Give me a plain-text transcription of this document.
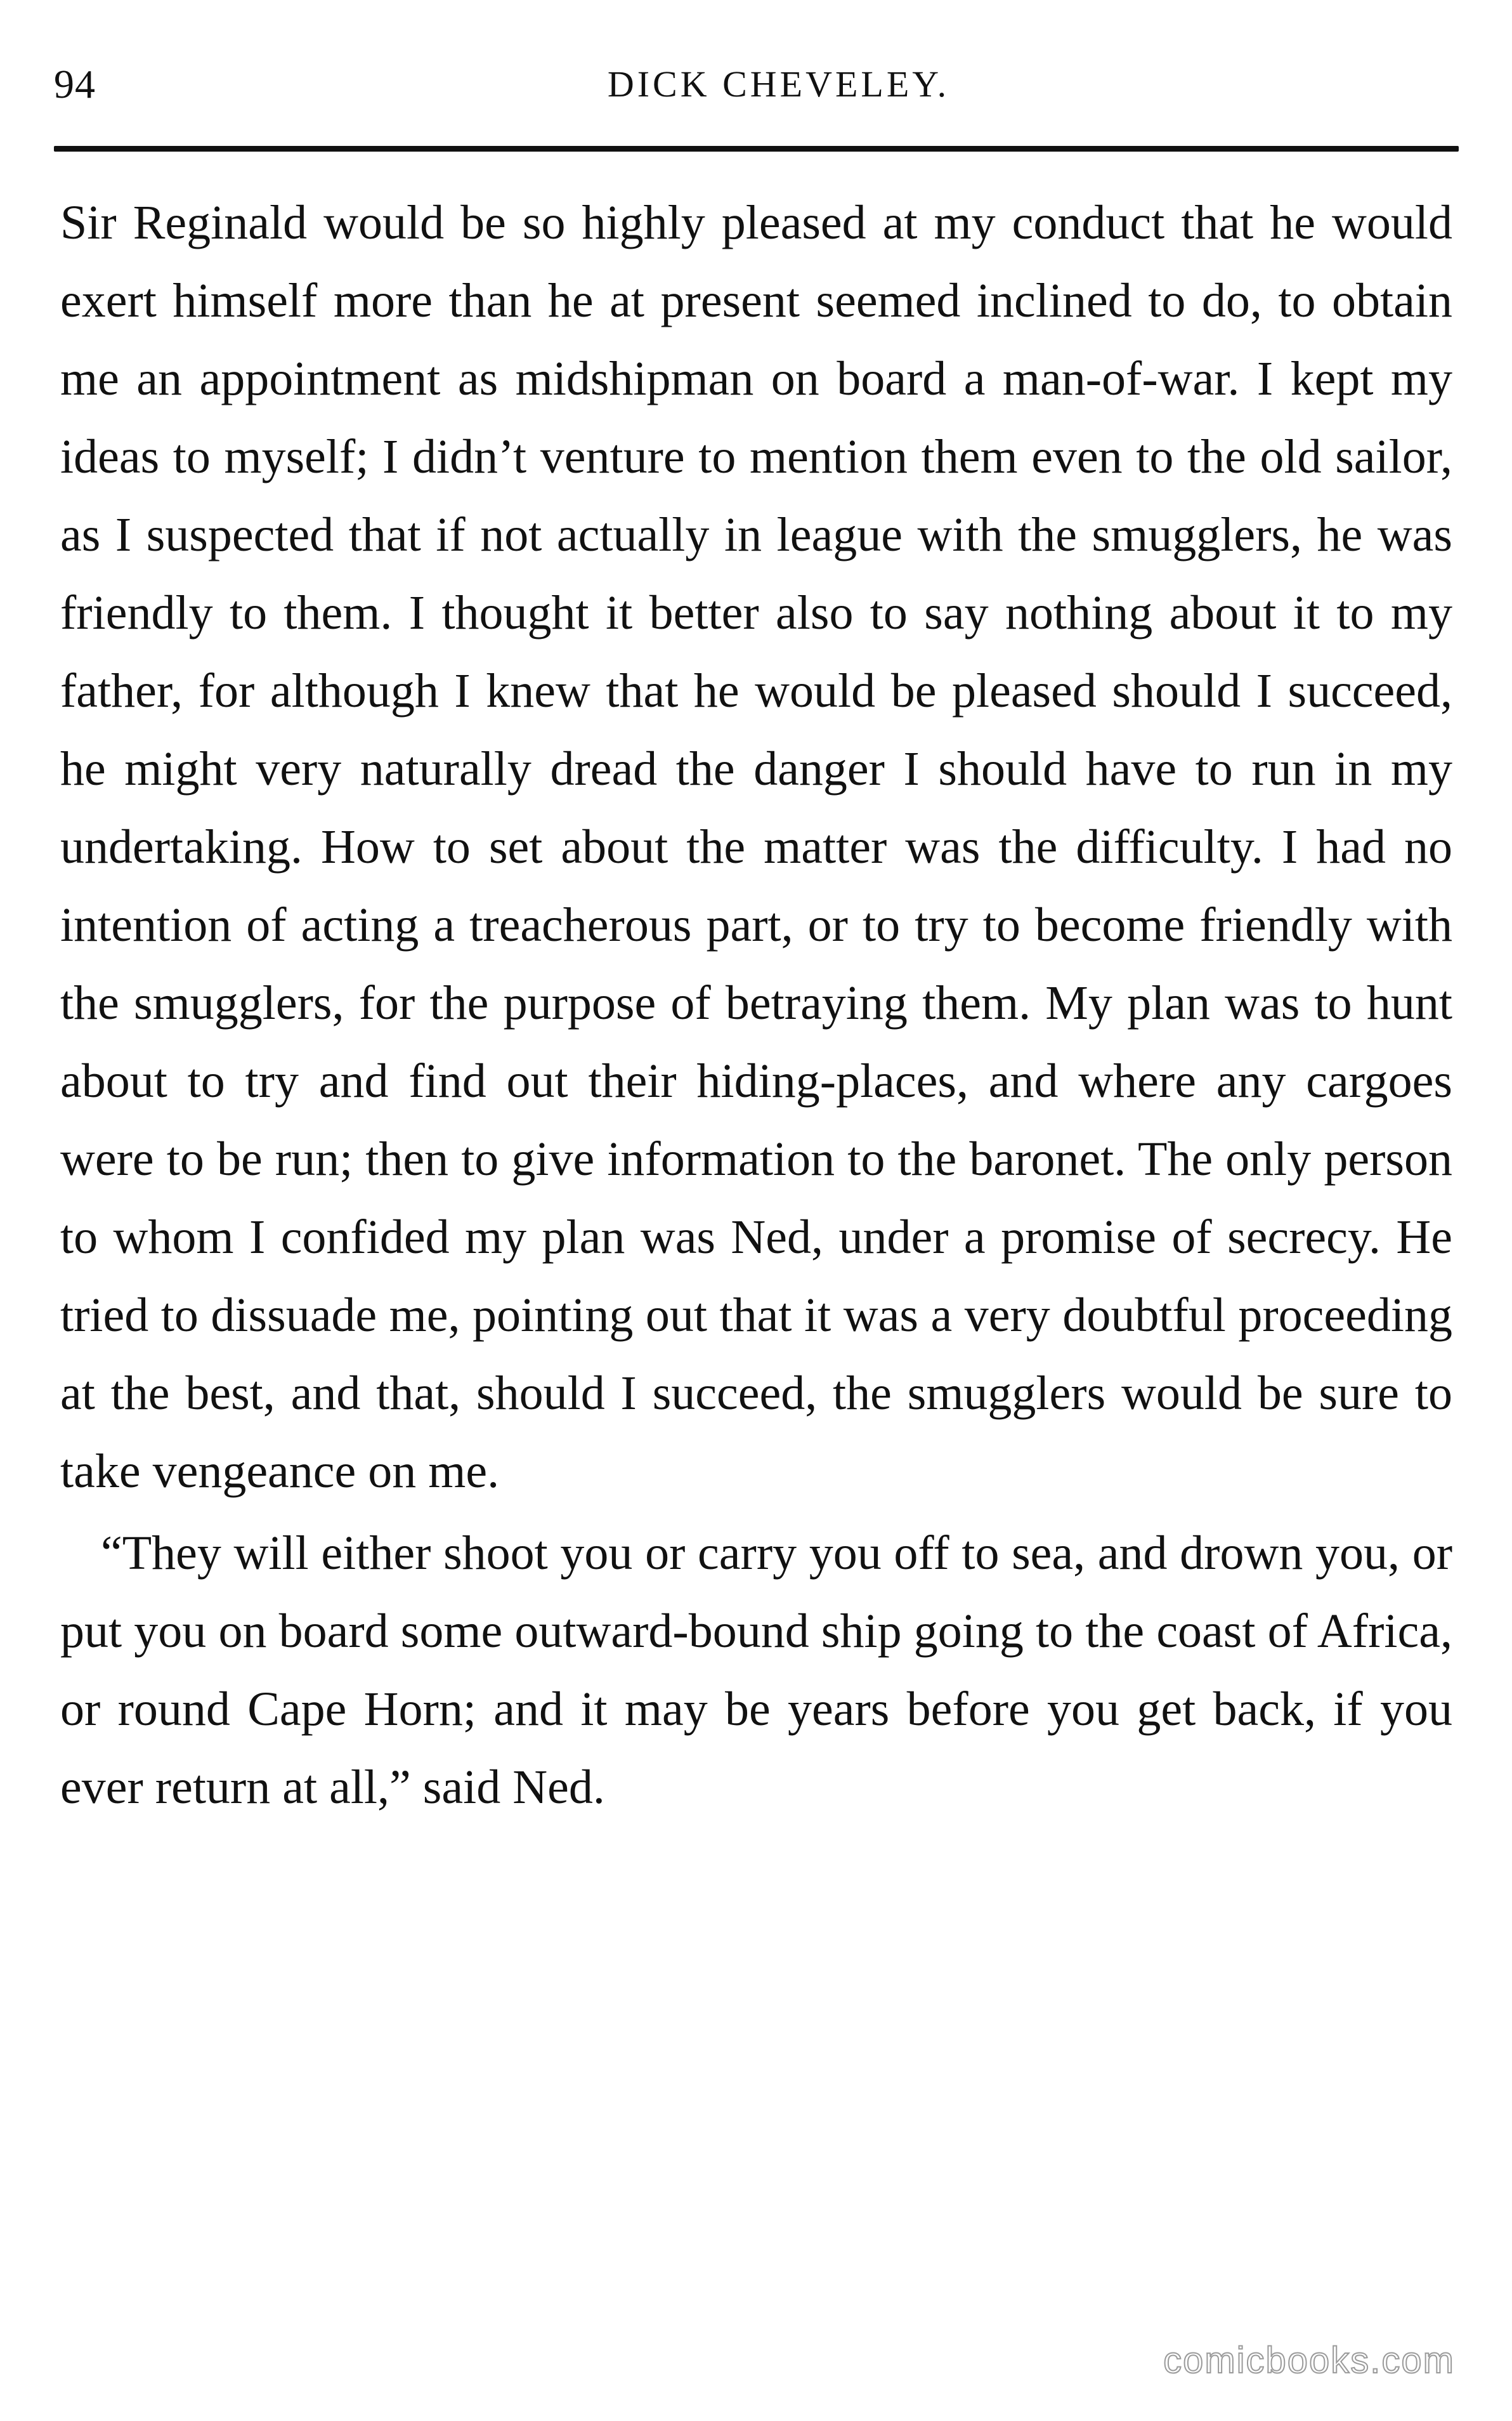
94	DICK CHEVELEY.

Sir Reginald would be so highly pleased at my conduct that he would exert himself more than he at present seemed inclined to do, to obtain me an appointment as midshipman on board a man-of-war. I kept my ideas to myself; I didn’t venture to mention them even to the old sailor, as I suspected that if not actually in league with the smugglers, he was friendly to them. I thought it better also to say nothing about it to my father, for although I knew that he would be pleased should I succeed, he might very naturally dread the danger I should have to run in my undertaking. How to set about the matter was the difficulty. I had no intention of acting a treacherous part, or to try to become friendly with the smugglers, for the purpose of betraying them. My plan was to hunt about to try and find out their hiding-places, and where any cargoes were to be run; then to give information to the baronet. The only person to whom I confided my plan was Ned, under a promise of secrecy. He tried to dissuade me, pointing out that it was a very doubtful proceeding at the best, and that, should I succeed, the smugglers would be sure to take vengeance on me.

“They will either shoot you or carry you off to sea, and drown you, or put you on board some outward-bound ship going to the coast of Africa, or round Cape Horn; and it may be years before you get back, if you ever return at all,” said Ned.

comicbooks.com
